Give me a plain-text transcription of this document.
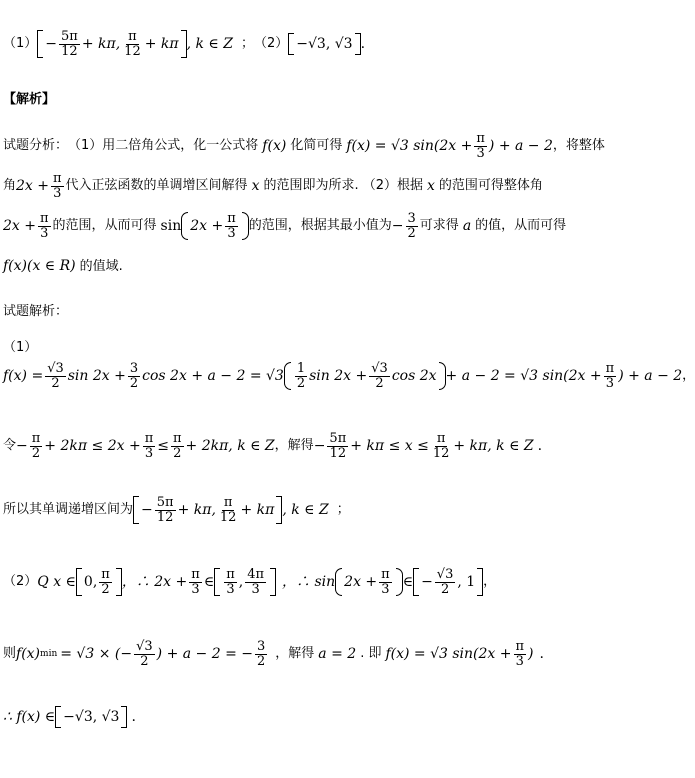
$(1) - \frac{5\pi}{12} + k\pi$, $\frac{\pi}{12} + k\pi$ , k ∈ Z ； （2） −√3, √3 .
【解析】
试题分析： （1）用二倍角公式，化一公式将 f(x) 化简可得 f(x) = √3 $\sin(2x + \frac{\pi}{3}$ ) + a − 2 ，将整体
角 $2x + \frac{\pi}{3}$ 代入正弦函数的单调增区间解得 x 的范围即为所求. （2）根据 x 的范围可得整体角
$2x + \frac{\pi}{3}$ 的范围，从而可得 $\sin 2x + \frac{\pi}{3}$ 的范围，根据其最小值为 − $\frac{3}{2}$ 可求得 a 的值，从而可得
f(x)(x ∈ R) 的值域.
试题解析：
（1）
$f(x) = \frac{√3}{2}$ $\sin 2x + \frac{3}{2}$ $\cos 2x + a - 2 = √3 \frac{1}{2}$ $\sin 2x + \frac{√3}{2}$ cos 2x + a − 2 = √3 $\sin(2x + \frac{\pi}{3}$ ) + a − 2 ，
令 − $\frac{\pi}{2} + 2k\pi \le 2x + \frac{\pi}{3} \le \frac{\pi}{2} + 2k\pi$, k ∈ Z ，解得 − $\frac{5\pi}{12} + k\pi \le x \le \frac{\pi}{12} + k\pi$, k ∈ Z .
所以其单调递增区间为 − $\frac{5\pi}{12} + k\pi$, $\frac{\pi}{12} + k\pi$ , k ∈ Z ；
（2） Q x ∈ 0, $\frac{\pi}{2}$ ，∴ $2x + \frac{\pi}{3}$ ∈ $\frac{\pi}{3}$ , $\frac{4\pi}{3}$ ，∴ $\sin 2x + \frac{\pi}{3}$ ∈ − $\frac{√3}{2}$ , 1 ，
则 f(x) min = √3 × (− $\frac{√3}{2}$ ) + a − 2 = − $\frac{3}{2}$ ，解得 a = 2 . 即 f(x) = √3 $\sin(2x + \frac{\pi}{3}$ ) .
∴ f(x) ∈ −√3, √3 .
